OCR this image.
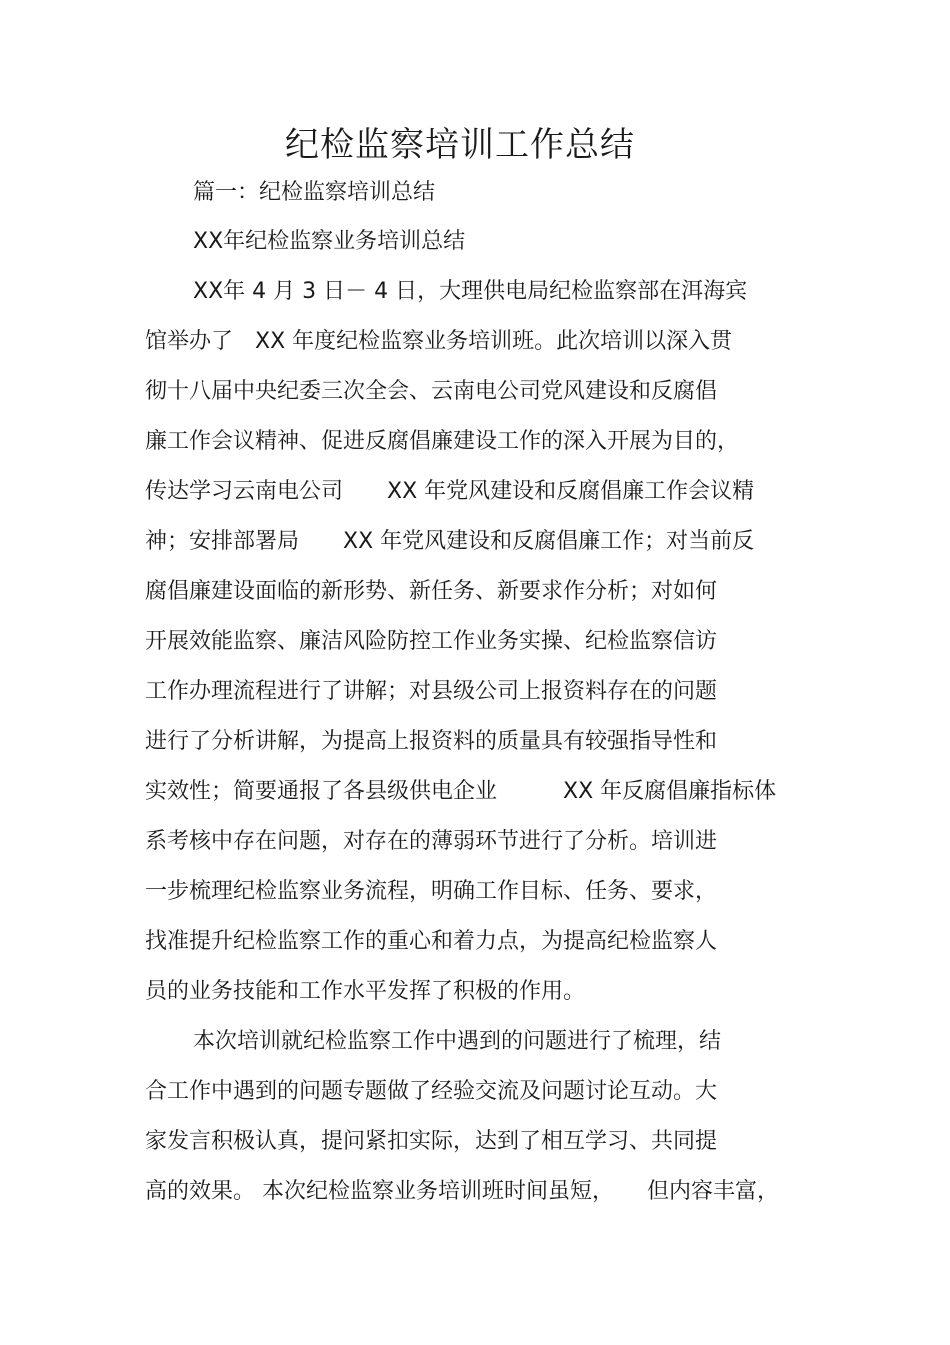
纪检监察培训工作总结
篇一：纪检监察培训总结
XX年纪检监察业务培训总结
XX年 4 月 3 日－ 4 日，大理供电局纪检监察部在洱海宾
馆举办了　XX 年度纪检监察业务培训班。此次培训以深入贯
彻十八届中央纪委三次全会、云南电公司党风建设和反腐倡
廉工作会议精神、促进反腐倡廉建设工作的深入开展为目的，
传达学习云南电公司　　XX 年党风建设和反腐倡廉工作会议精
神；安排部署局　　XX 年党风建设和反腐倡廉工作；对当前反
腐倡廉建设面临的新形势、新任务、新要求作分析；对如何
开展效能监察、廉洁风险防控工作业务实操、纪检监察信访
工作办理流程进行了讲解；对县级公司上报资料存在的问题
进行了分析讲解，为提高上报资料的质量具有较强指导性和
实效性；简要通报了各县级供电企业　　　XX 年反腐倡廉指标体
系考核中存在问题，对存在的薄弱环节进行了分析。培训进
一步梳理纪检监察业务流程，明确工作目标、任务、要求，
找准提升纪检监察工作的重心和着力点，为提高纪检监察人
员的业务技能和工作水平发挥了积极的作用。
本次培训就纪检监察工作中遇到的问题进行了梳理，结
合工作中遇到的问题专题做了经验交流及问题讨论互动。大
家发言积极认真，提问紧扣实际，达到了相互学习、共同提
高的效果。 本次纪检监察业务培训班时间虽短，　　但内容丰富，
